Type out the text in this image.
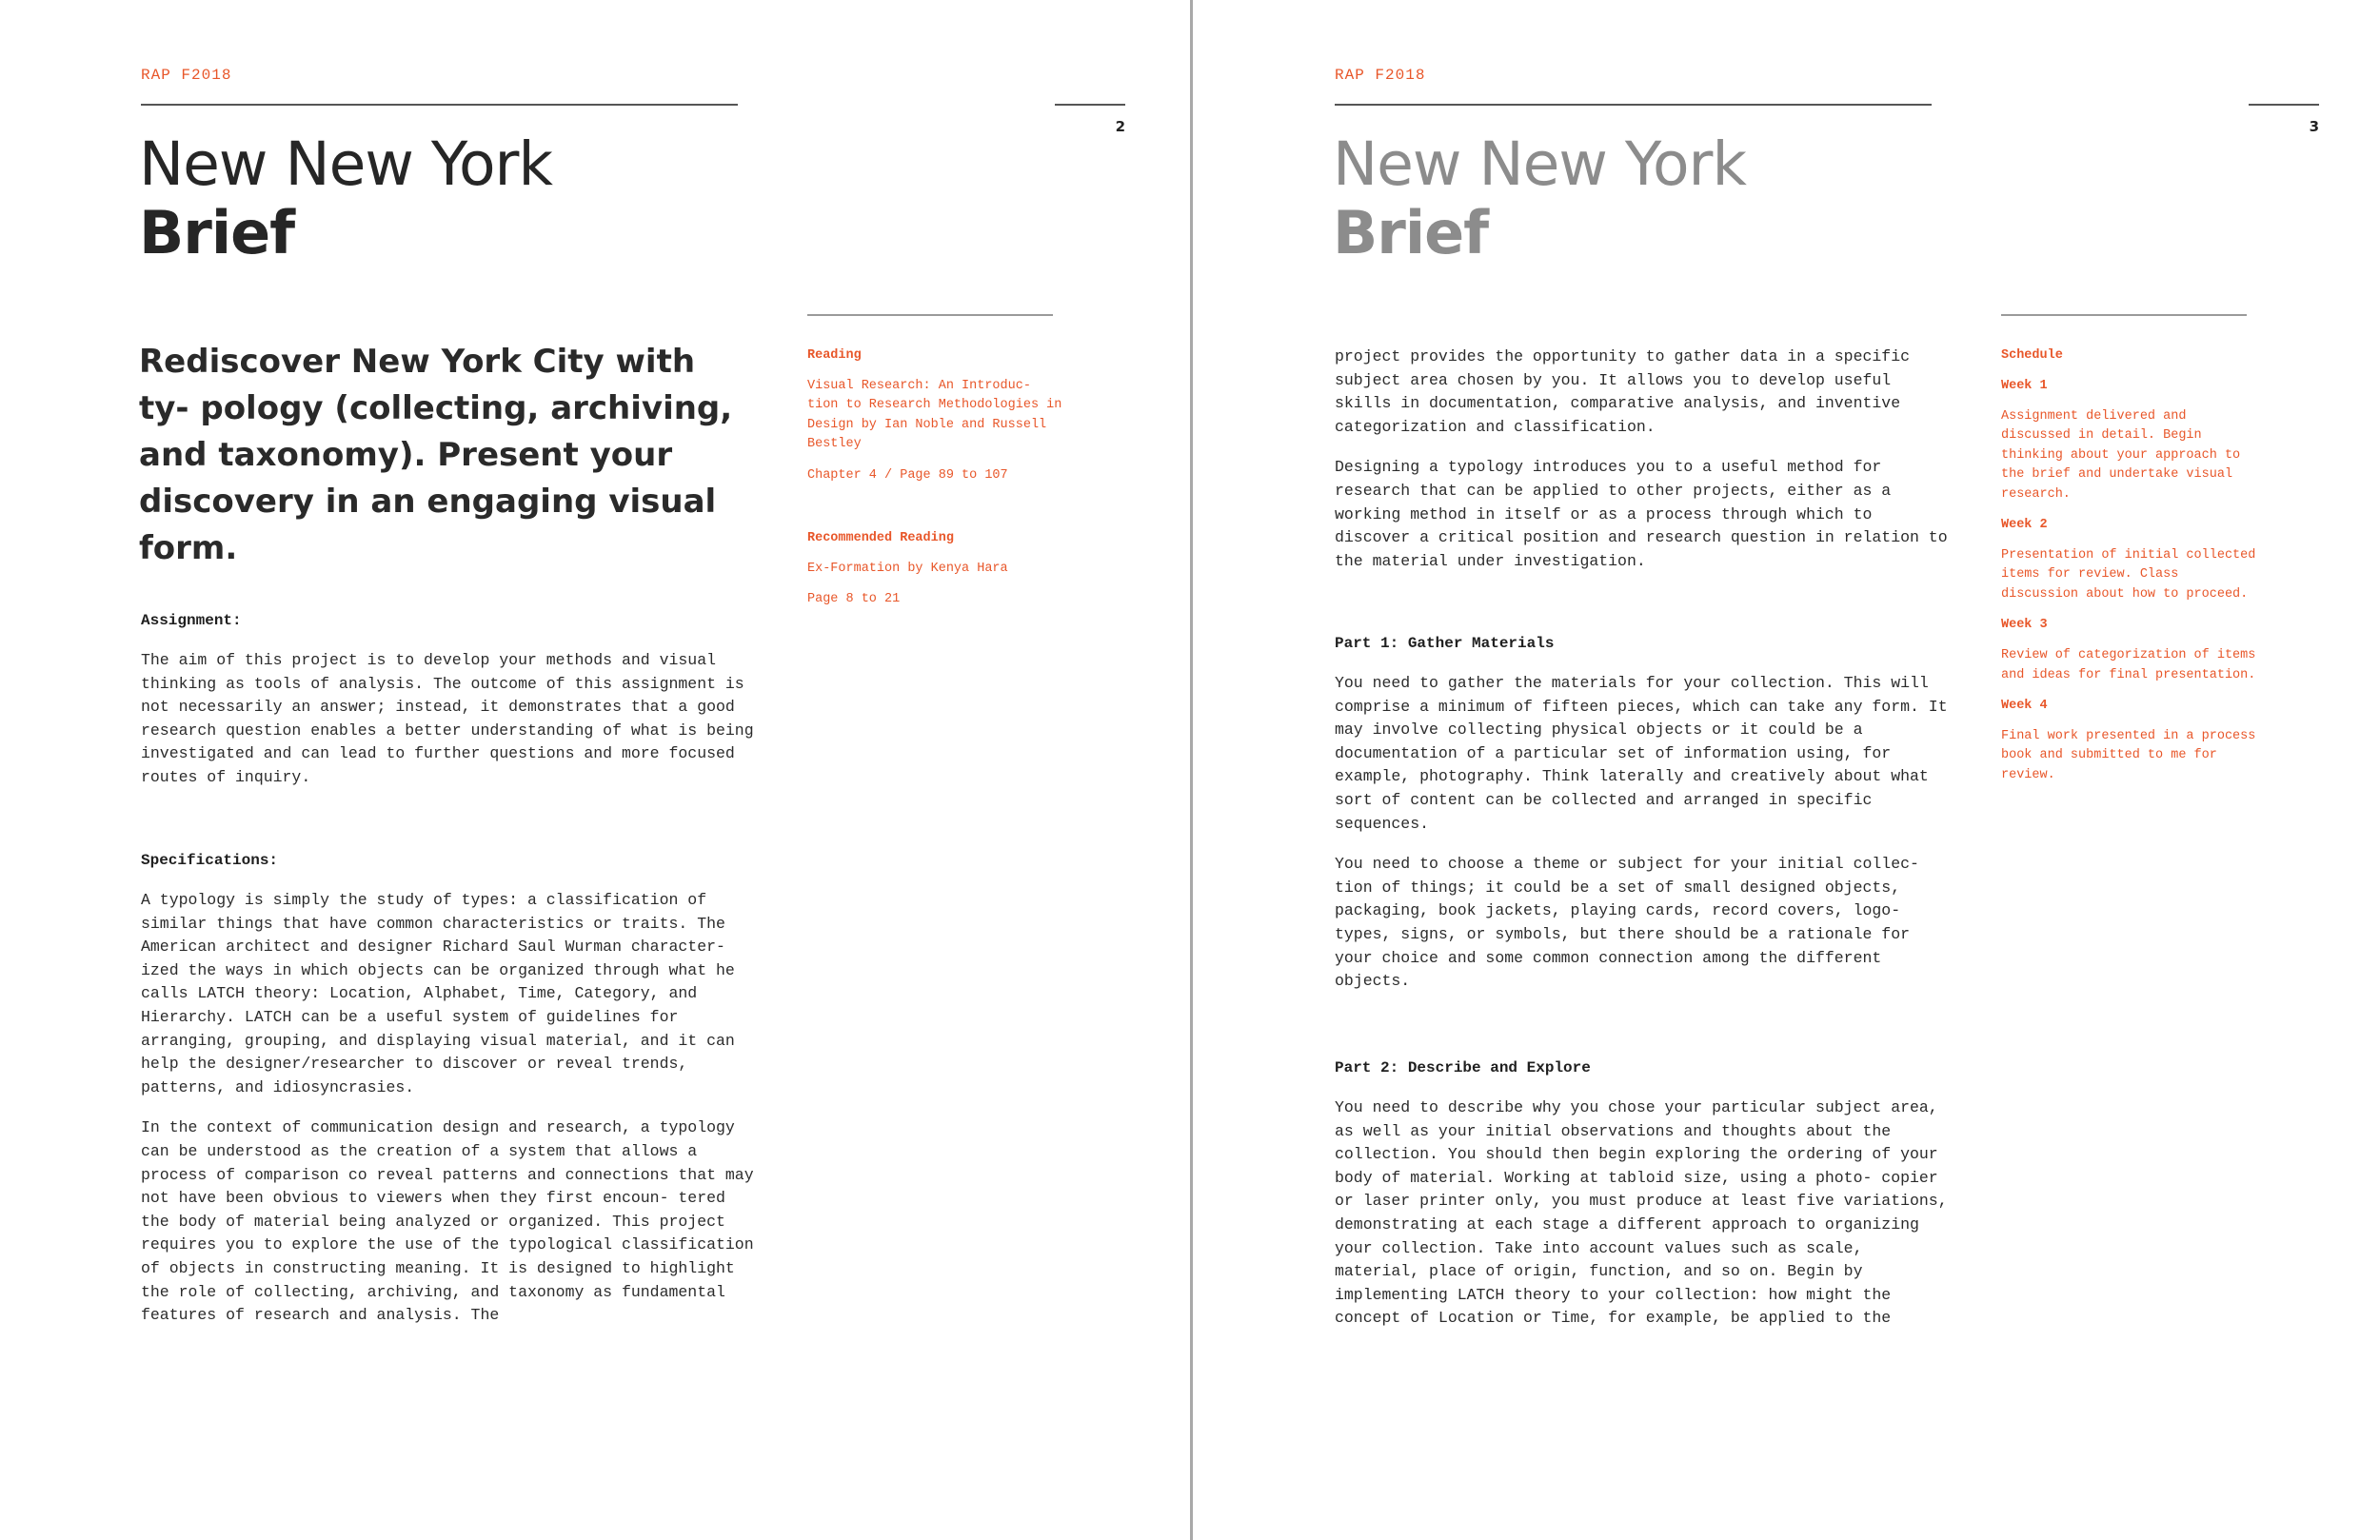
RAP F2018
2
New New York
Brief

Rediscover New York City with ty- pology (collecting, archiving, and taxonomy). Present your discovery in an engaging visual form.

Assignment:

The aim of this project is to develop your methods and visual thinking as tools of analysis. The outcome of this assignment is not necessarily an answer; instead, it demonstrates that a good research question enables a better understanding of what is being investigated and can lead to further questions and more focused routes of inquiry.

Specifications:

A typology is simply the study of types: a classification of similar things that have common characteristics or traits. The American architect and designer Richard Saul Wurman character- ized the ways in which objects can be organized through what he calls LATCH theory: Location, Alphabet, Time, Category, and Hierarchy. LATCH can be a useful system of guidelines for arranging, grouping, and displaying visual material, and it can help the designer/researcher to discover or reveal trends, patterns, and idiosyncrasies.

In the context of communication design and research, a typology can be understood as the creation of a system that allows a process of comparison co reveal patterns and connections that may not have been obvious to viewers when they first encoun- tered the body of material being analyzed or organized. This project requires you to explore the use of the typological classification of objects in constructing meaning. It is designed to highlight the role of collecting, archiving, and taxonomy as fundamental features of research and analysis. The

Reading

Visual Research: An Introduc- tion to Research Methodologies in Design by Ian Noble and Russell Bestley

Chapter 4 / Page 89 to 107

Recommended Reading

Ex-Formation by Kenya Hara

Page 8 to 21

RAP F2018
3
New New York
Brief

project provides the opportunity to gather data in a specific subject area chosen by you. It allows you to develop useful skills in documentation, comparative analysis, and inventive categorization and classification.

Designing a typology introduces you to a useful method for research that can be applied to other projects, either as a working method in itself or as a process through which to discover a critical position and research question in relation to the material under investigation.

Part 1: Gather Materials

You need to gather the materials for your collection. This will comprise a minimum of fifteen pieces, which can take any form. It may involve collecting physical objects or it could be a documentation of a particular set of information using, for example, photography. Think laterally and creatively about what sort of content can be collected and arranged in specific sequences.

You need to choose a theme or subject for your initial collec- tion of things; it could be a set of small designed objects, packaging, book jackets, playing cards, record covers, logo- types, signs, or symbols, but there should be a rationale for your choice and some common connection among the different objects.

Part 2: Describe and Explore

You need to describe why you chose your particular subject area, as well as your initial observations and thoughts about the collection. You should then begin exploring the ordering of your body of material. Working at tabloid size, using a photo- copier or laser printer only, you must produce at least five variations, demonstrating at each stage a different approach to organizing your collection. Take into account values such as scale, material, place of origin, function, and so on. Begin by implementing LATCH theory to your collection: how might the concept of Location or Time, for example, be applied to the

Schedule

Week 1

Assignment delivered and discussed in detail. Begin thinking about your approach to the brief and undertake visual research.

Week 2

Presentation of initial collected items for review. Class discussion about how to proceed.

Week 3

Review of categorization of items and ideas for final presentation.

Week 4

Final work presented in a process book and submitted to me for review.
